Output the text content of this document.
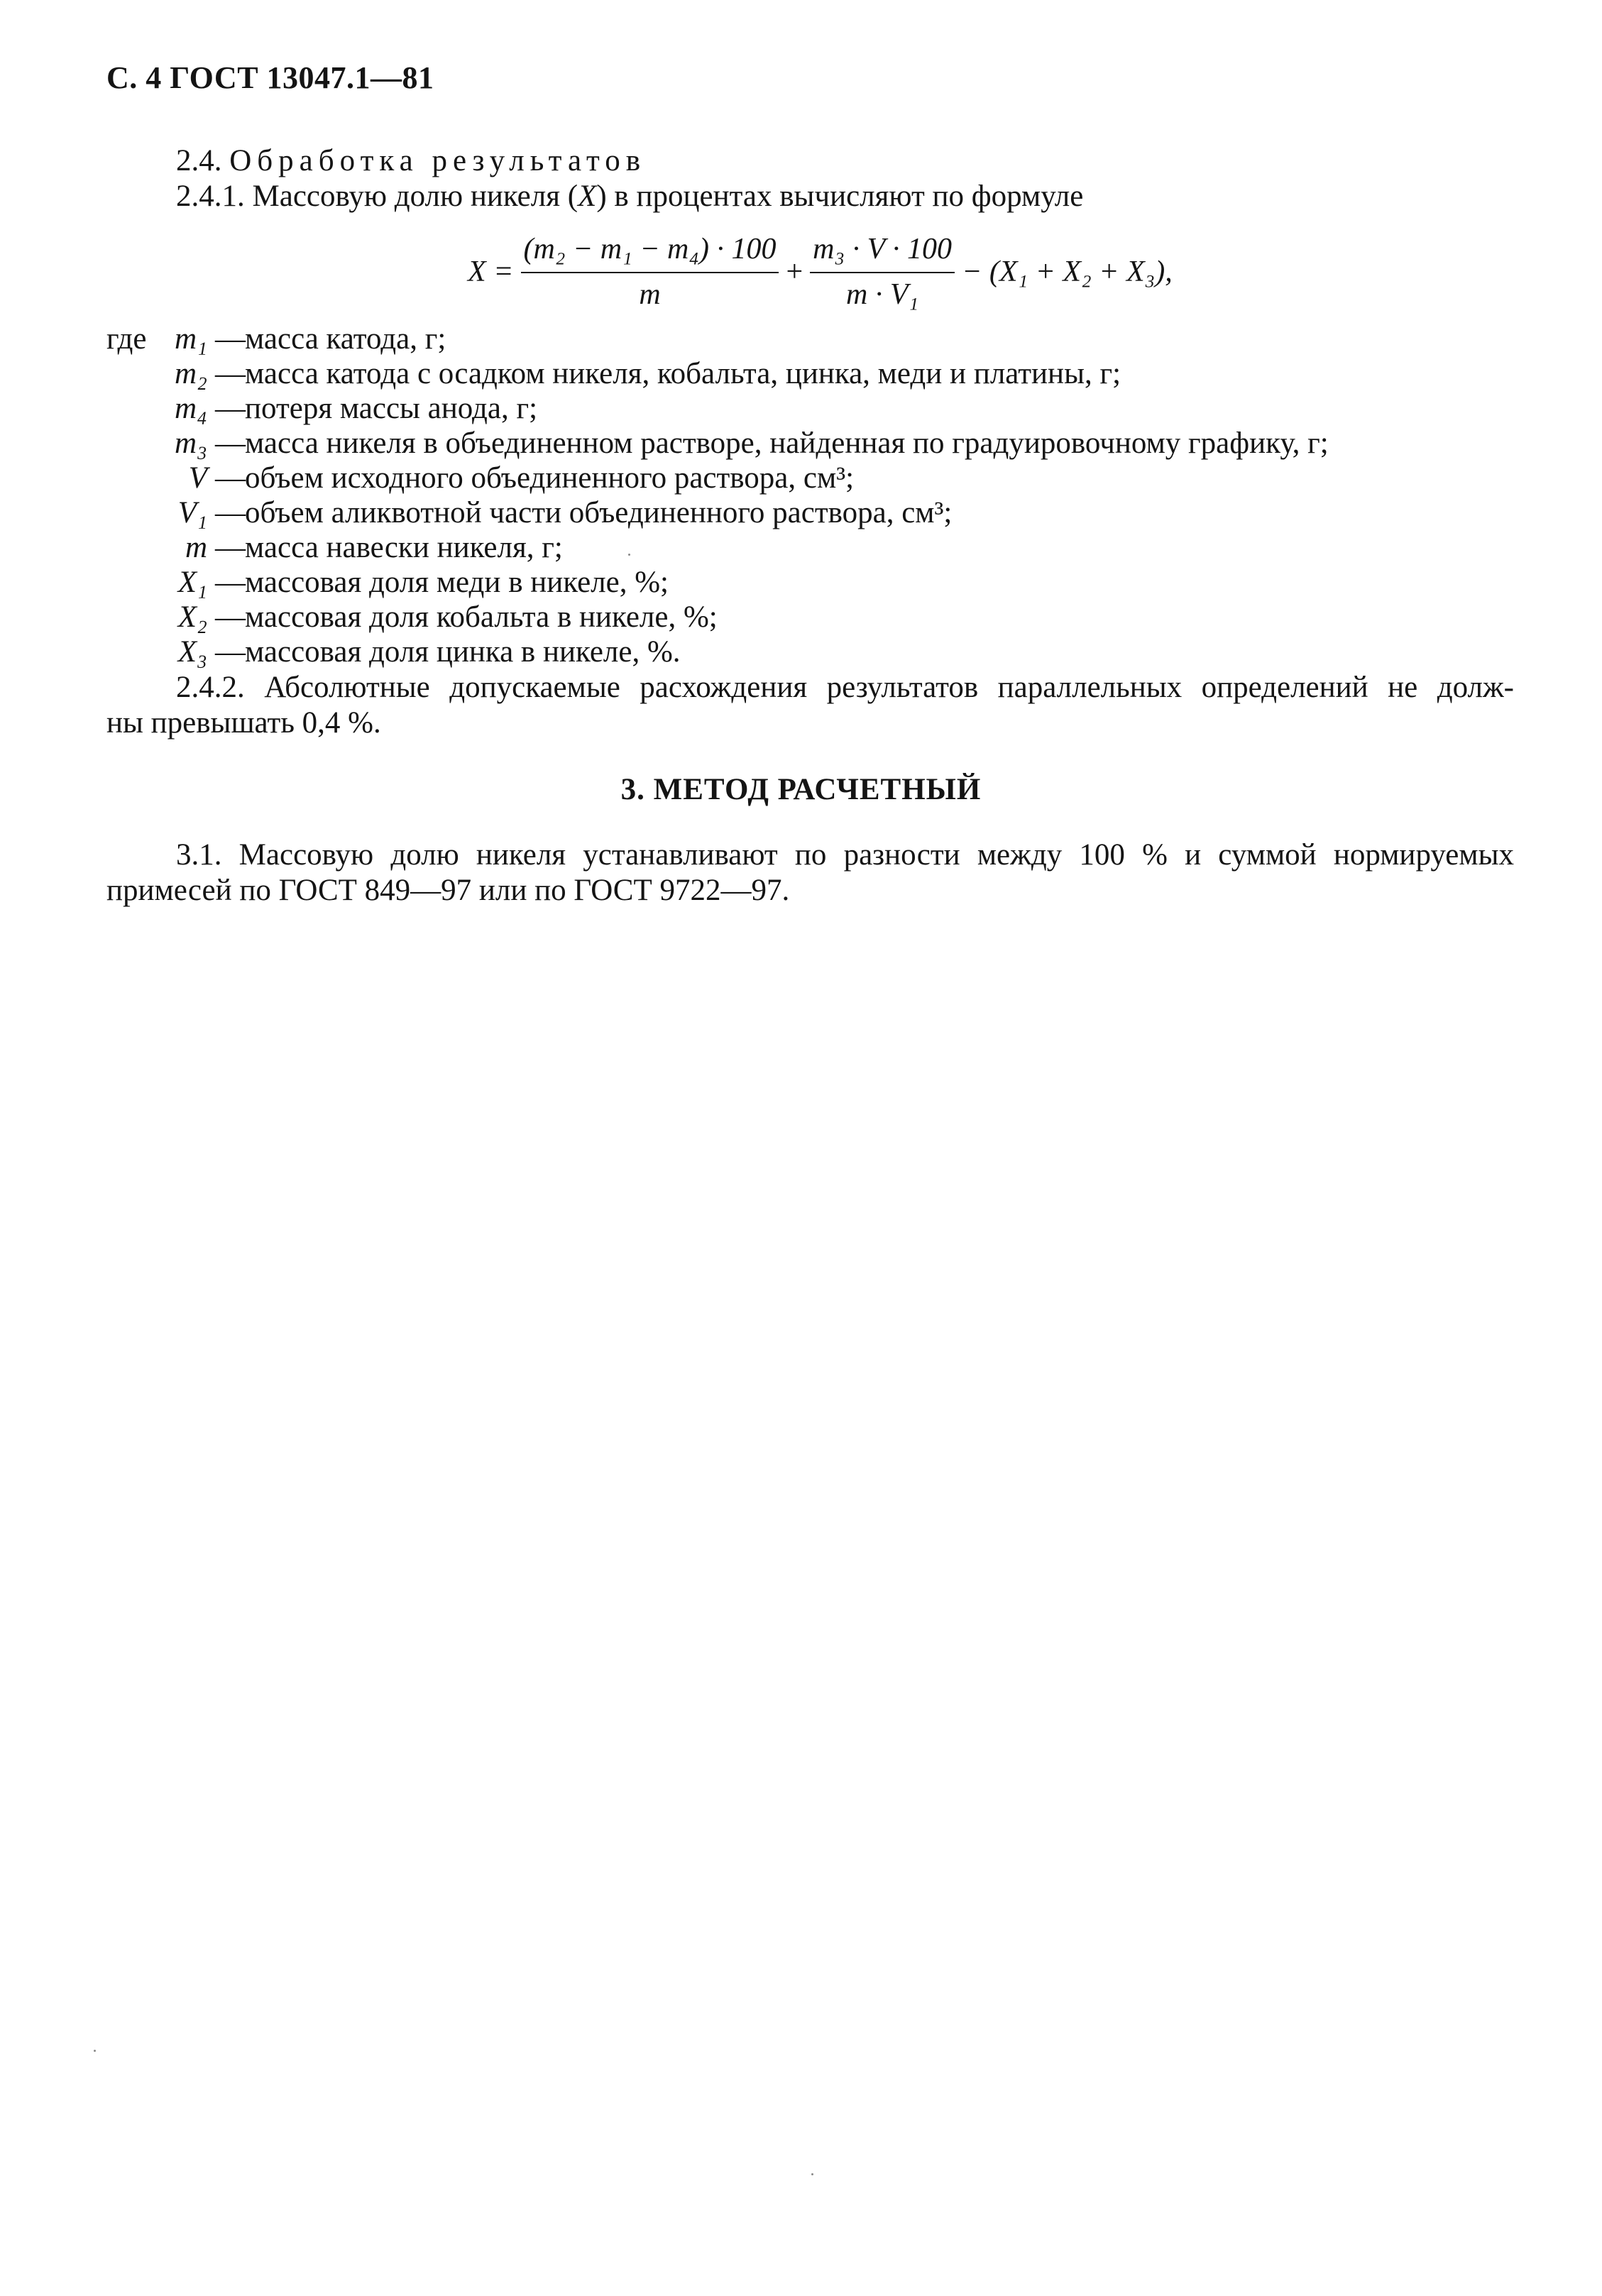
С. 4 ГОСТ 13047.1—81
2.4. Обработка результатов
2.4.1. Массовую долю никеля (X) в процентах вычисляют по формуле
$X = \frac{\text{(m₂ − m₁ − m₄) · 100}}{m} + \frac{\text{m₃ · V · 100}}{\text{m · V₁}} - (X_1 + X_2 + X_3)$,
где m₁ — масса катода, г;
m₂ — масса катода с осадком никеля, кобальта, цинка, меди и платины, г;
m₄ — потеря массы анода, г;
m₃ — масса никеля в объединенном растворе, найденная по градуировочному графику, г;
V — объем исходного объединенного раствора, см³;
V₁ — объем аликвотной части объединенного раствора, см³;
m — масса навески никеля, г;
X₁ — массовая доля меди в никеле, %;
X₂ — массовая доля кобальта в никеле, %;
X₃ — массовая доля цинка в никеле, %.
2.4.2. Абсолютные допускаемые расхождения результатов параллельных определений не долж-
ны превышать 0,4 %.
3. МЕТОД РАСЧЕТНЫЙ
3.1. Массовую долю никеля устанавливают по разности между 100 % и суммой нормируемых
примесей по ГОСТ 849—97 или по ГОСТ 9722—97.
